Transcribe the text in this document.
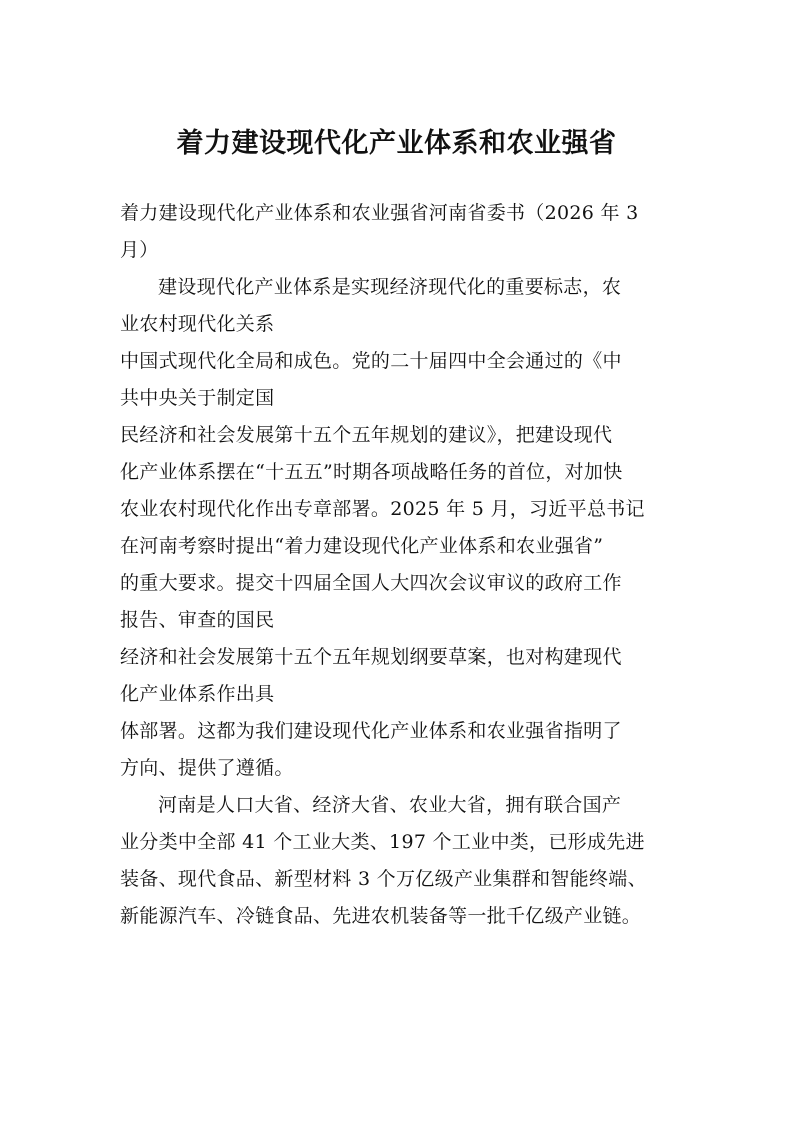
着力建设现代化产业体系和农业强省

着力建设现代化产业体系和农业强省河南省委书（2026 年 3

月）

建设现代化产业体系是实现经济现代化的重要标志，农

业农村现代化关系

中国式现代化全局和成色。党的二十届四中全会通过的《中

共中央关于制定国

民经济和社会发展第十五个五年规划的建议》，把建设现代

化产业体系摆在“十五五”时期各项战略任务的首位，对加快

农业农村现代化作出专章部署。2025 年 5 月，习近平总书记

在河南考察时提出“着力建设现代化产业体系和农业强省”

的重大要求。提交十四届全国人大四次会议审议的政府工作

报告、审查的国民

经济和社会发展第十五个五年规划纲要草案，也对构建现代

化产业体系作出具

体部署。这都为我们建设现代化产业体系和农业强省指明了

方向、提供了遵循。

河南是人口大省、经济大省、农业大省，拥有联合国产

业分类中全部 41 个工业大类、197 个工业中类，已形成先进

装备、现代食品、新型材料 3 个万亿级产业集群和智能终端、

新能源汽车、冷链食品、先进农机装备等一批千亿级产业链。
